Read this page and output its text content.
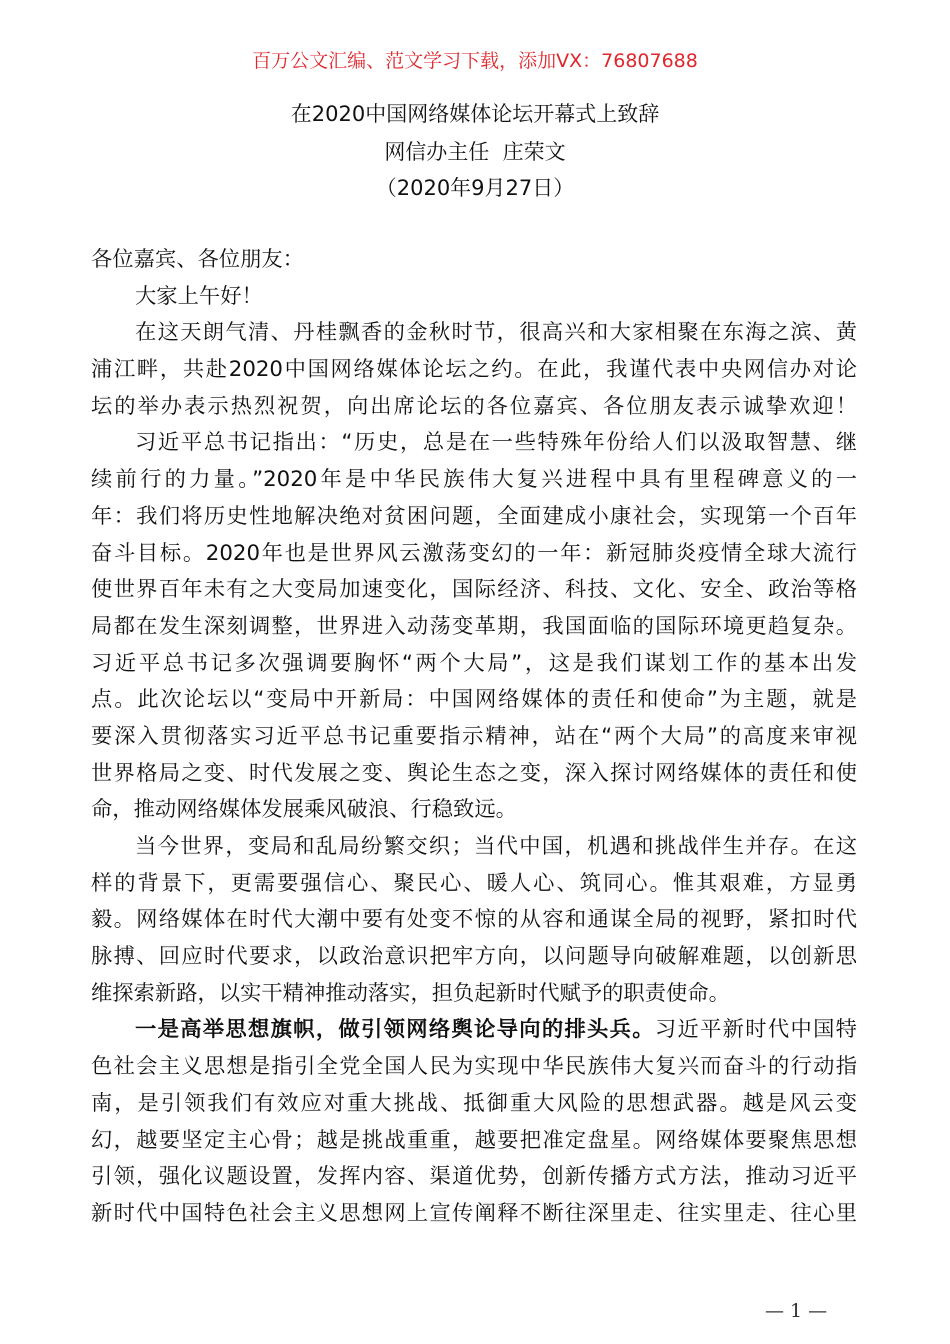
百万公文汇编、范文学习下载，添加VX：76807688
在2020中国网络媒体论坛开幕式上致辞
网信办主任  庄荣文
（2020年9月27日）
各位嘉宾、各位朋友：
大家上午好！
在这天朗气清、丹桂飘香的金秋时节，很高兴和大家相聚在东海之滨、黄
浦江畔，共赴2020中国网络媒体论坛之约。在此，我谨代表中央网信办对论
坛的举办表示热烈祝贺，向出席论坛的各位嘉宾、各位朋友表示诚挚欢迎！
习近平总书记指出：“历史，总是在一些特殊年份给人们以汲取智慧、继
续前行的力量。”2020年是中华民族伟大复兴进程中具有里程碑意义的一
年：我们将历史性地解决绝对贫困问题，全面建成小康社会，实现第一个百年
奋斗目标。2020年也是世界风云激荡变幻的一年：新冠肺炎疫情全球大流行
使世界百年未有之大变局加速变化，国际经济、科技、文化、安全、政治等格
局都在发生深刻调整，世界进入动荡变革期，我国面临的国际环境更趋复杂。
习近平总书记多次强调要胸怀“两个大局”，这是我们谋划工作的基本出发
点。此次论坛以“变局中开新局：中国网络媒体的责任和使命”为主题，就是
要深入贯彻落实习近平总书记重要指示精神，站在“两个大局”的高度来审视
世界格局之变、时代发展之变、舆论生态之变，深入探讨网络媒体的责任和使
命，推动网络媒体发展乘风破浪、行稳致远。
当今世界，变局和乱局纷繁交织；当代中国，机遇和挑战伴生并存。在这
样的背景下，更需要强信心、聚民心、暖人心、筑同心。惟其艰难，方显勇
毅。网络媒体在时代大潮中要有处变不惊的从容和通谋全局的视野，紧扣时代
脉搏、回应时代要求，以政治意识把牢方向，以问题导向破解难题，以创新思
维探索新路，以实干精神推动落实，担负起新时代赋予的职责使命。
一是高举思想旗帜，做引领网络舆论导向的排头兵。习近平新时代中国特
色社会主义思想是指引全党全国人民为实现中华民族伟大复兴而奋斗的行动指
南，是引领我们有效应对重大挑战、抵御重大风险的思想武器。越是风云变
幻，越要坚定主心骨；越是挑战重重，越要把准定盘星。网络媒体要聚焦思想
引领，强化议题设置，发挥内容、渠道优势，创新传播方式方法，推动习近平
新时代中国特色社会主义思想网上宣传阐释不断往深里走、往实里走、往心里
— 1 —
